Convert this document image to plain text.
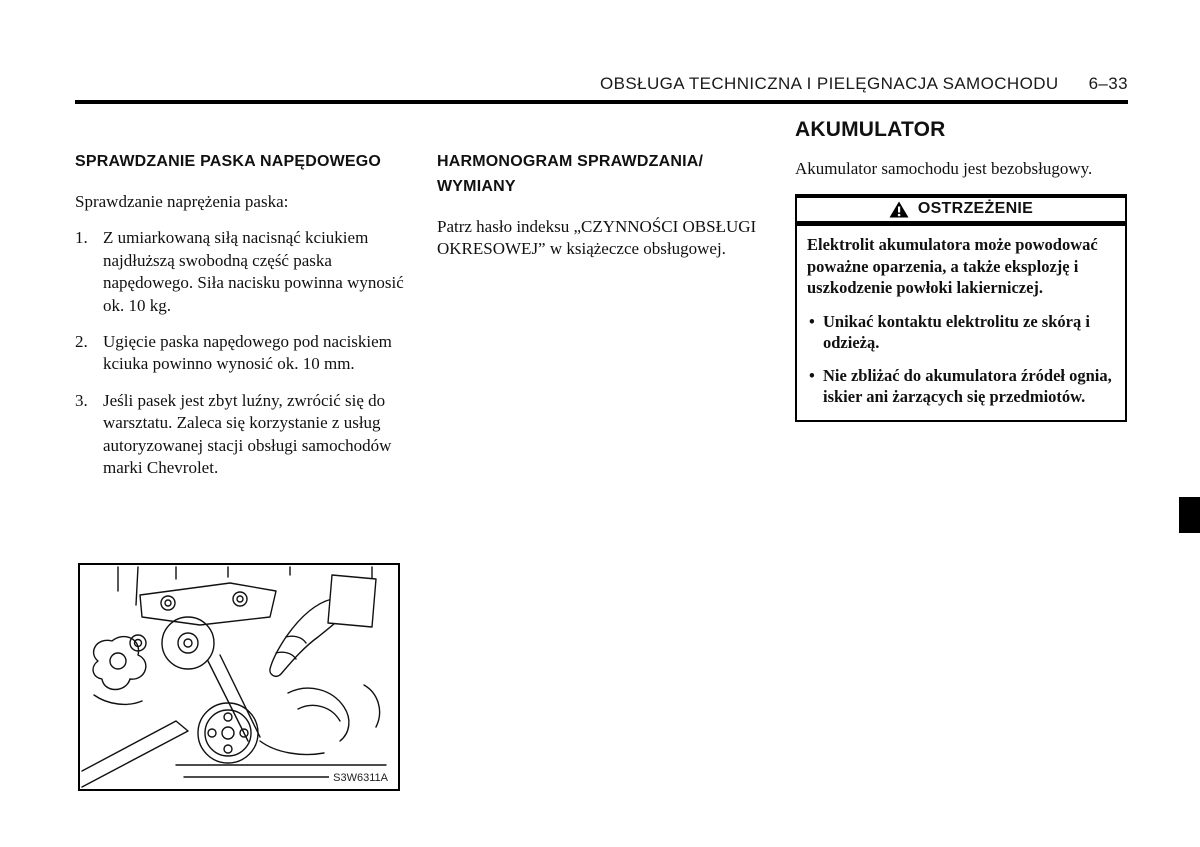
OBSŁUGA TECHNICZNA I PIELĘGNACJA SAMOCHODU 6–33
SPRAWDZANIE PASKA NAPĘDOWEGO
Sprawdzanie naprężenia paska:
1. Z umiarkowaną siłą nacisnąć kciukiem najdłuższą swobodną część paska napędowego. Siła nacisku powinna wynosić ok. 10 kg.
2. Ugięcie paska napędowego pod naciskiem kciuka powinno wynosić ok. 10 mm.
3. Jeśli pasek jest zbyt luźny, zwrócić się do warsztatu. Zaleca się korzystanie z usług autoryzowanej stacji obsługi samochodów marki Chevrolet.
S3W6311A
HARMONOGRAM SPRAWDZANIA/
WYMIANY
Patrz hasło indeksu „CZYNNOŚCI OBSŁUGI OKRESOWEJ” w książeczce obsługowej.
AKUMULATOR
Akumulator samochodu jest bezobsługowy.
OSTRZEŻENIE
Elektrolit akumulatora może powodować poważne oparzenia, a także eksplozję i uszkodzenie powłoki lakierniczej.
• Unikać kontaktu elektrolitu ze skórą i odzieżą.
• Nie zbliżać do akumulatora źródeł ognia, iskier ani żarzących się przedmiotów.
